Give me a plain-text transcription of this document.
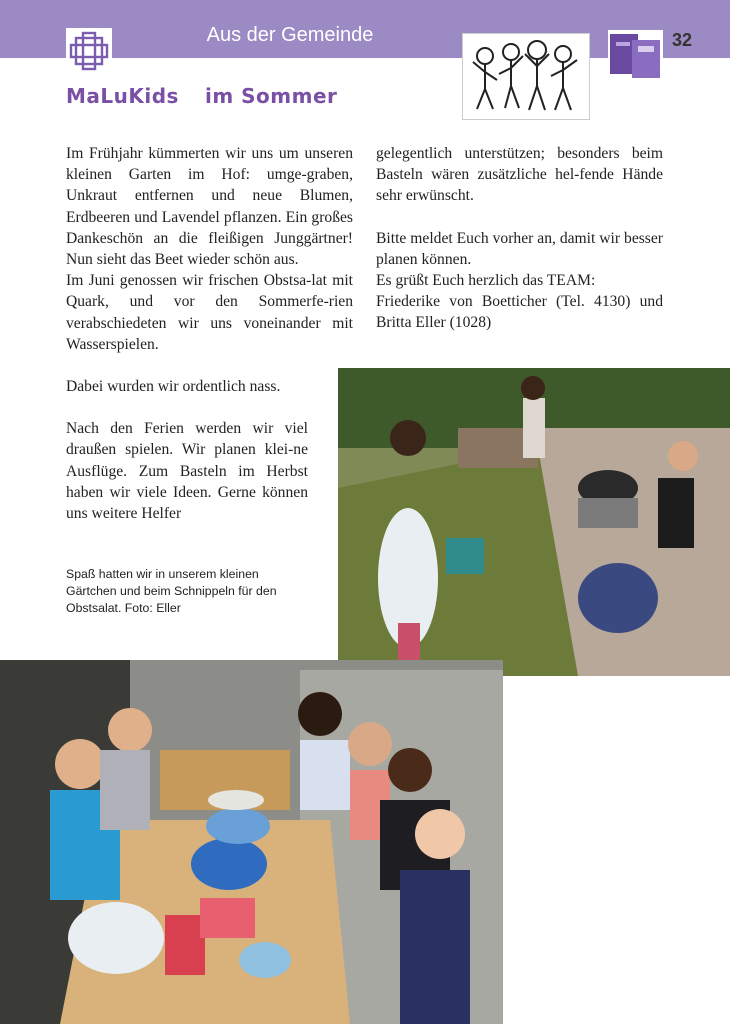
Aus der Gemeinde	32
MaLuKids im Sommer

Im Frühjahr kümmerten wir uns um unseren kleinen Garten im Hof: umge-graben, Unkraut entfernen und neue Blumen, Erdbeeren und Lavendel pflanzen. Ein großes Dankeschön an die fleißigen Junggärtner! Nun sieht das Beet wieder schön aus.

Im Juni genossen wir frischen Obstsa-lat mit Quark, und vor den Sommerfe-rien verabschiedeten wir uns voneinander mit Wasserspielen.

Dabei wurden wir ordentlich nass.

Nach den Ferien werden wir viel draußen spielen. Wir planen klei-ne Ausflüge. Zum Basteln im Herbst haben wir viele Ideen. Gerne können uns weitere Helfer

gelegentlich unterstützen; besonders beim Basteln wären zusätzliche hel-fende Hände sehr erwünscht.

Bitte meldet Euch vorher an, damit wir besser planen können.

Es grüßt Euch herzlich das TEAM:

Friederike von Boetticher (Tel. 4130) und Britta Eller (1028)

Spaß hatten wir in unserem kleinen Gärtchen und beim Schnippeln für den Obstsalat. Foto: Eller
